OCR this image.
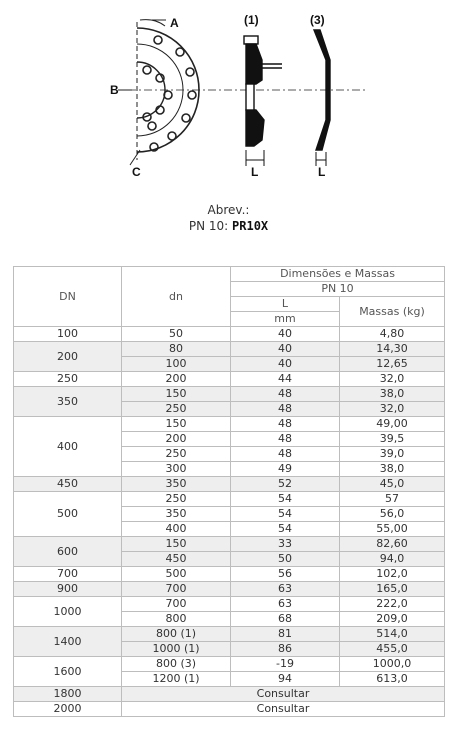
A
B
C
(1)	(3)
L	L
Abrev.:
PN 10: PR10X
DN	dn	Dimensões e Massas	
		PN 10	
		L	Massas (kg)
		mm	
100	50	40	4,80
200	80	40	14,30
	100	40	12,65
250	200	44	32,0
350	150	48	38,0
	250	48	32,0
400	150	48	49,00
	200	48	39,5
	250	48	39,0
	300	49	38,0
450	350	52	45,0
500	250	54	57
	350	54	56,0
	400	54	55,00
600	150	33	82,60
	450	50	94,0
700	500	56	102,0
900	700	63	165,0
1000	700	63	222,0
	800	68	209,0
1400	800 (1)	81	514,0
	1000 (1)	86	455,0
1600	800 (3)	-19	1000,0
	1200 (1)	94	613,0
1800	Consultar		
2000	Consultar		
